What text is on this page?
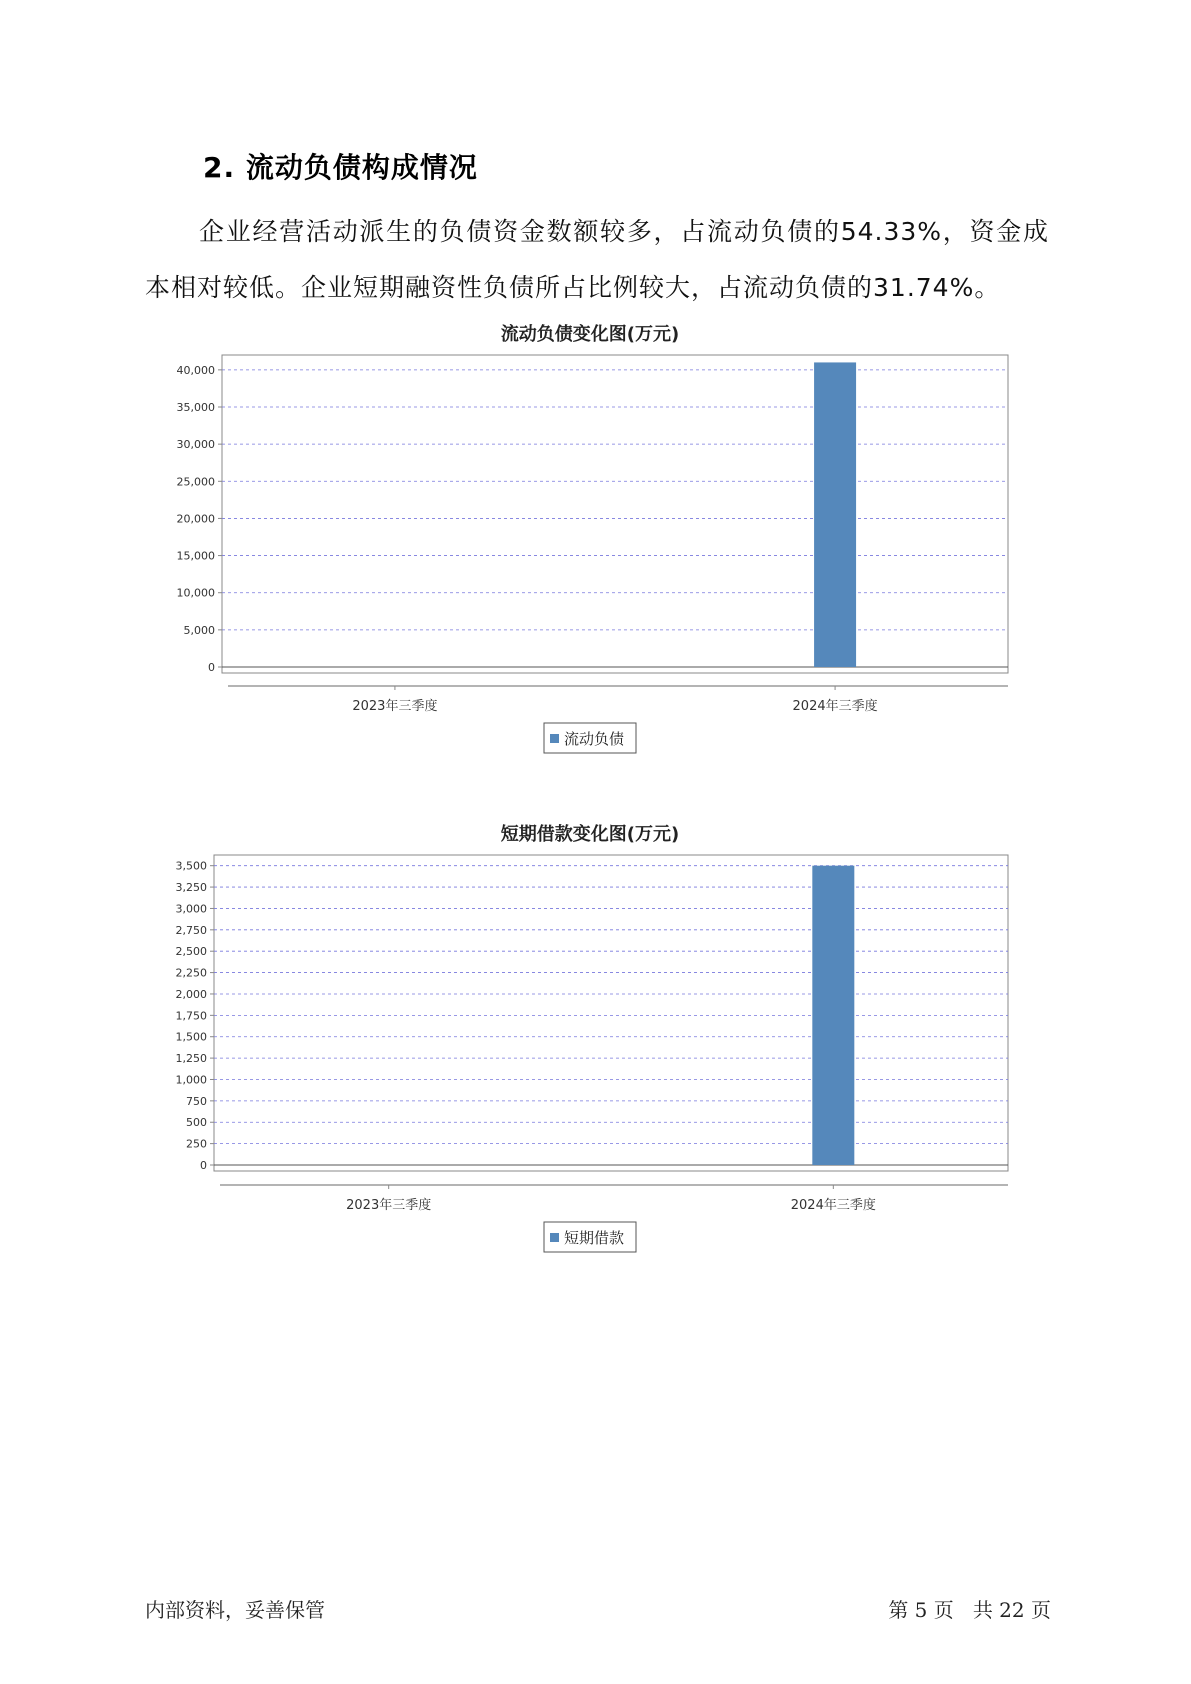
2. 流动负债构成情况
企业经营活动派生的负债资金数额较多，占流动负债的54.33%，资金成本相对较低。企业短期融资性负债所占比例较大，占流动负债的31.74%。
流动负债变化图(万元)
0
5,000
10,000
15,000
20,000
25,000
30,000
35,000
40,000
2023年三季度	2024年三季度
流动负债
短期借款变化图(万元)
0
250
500
750
1,000
1,250
1,500
1,750
2,000
2,250
2,500
2,750
3,000
3,250
3,500
2023年三季度	2024年三季度
短期借款
内部资料，妥善保管	第 5 页   共 22 页
